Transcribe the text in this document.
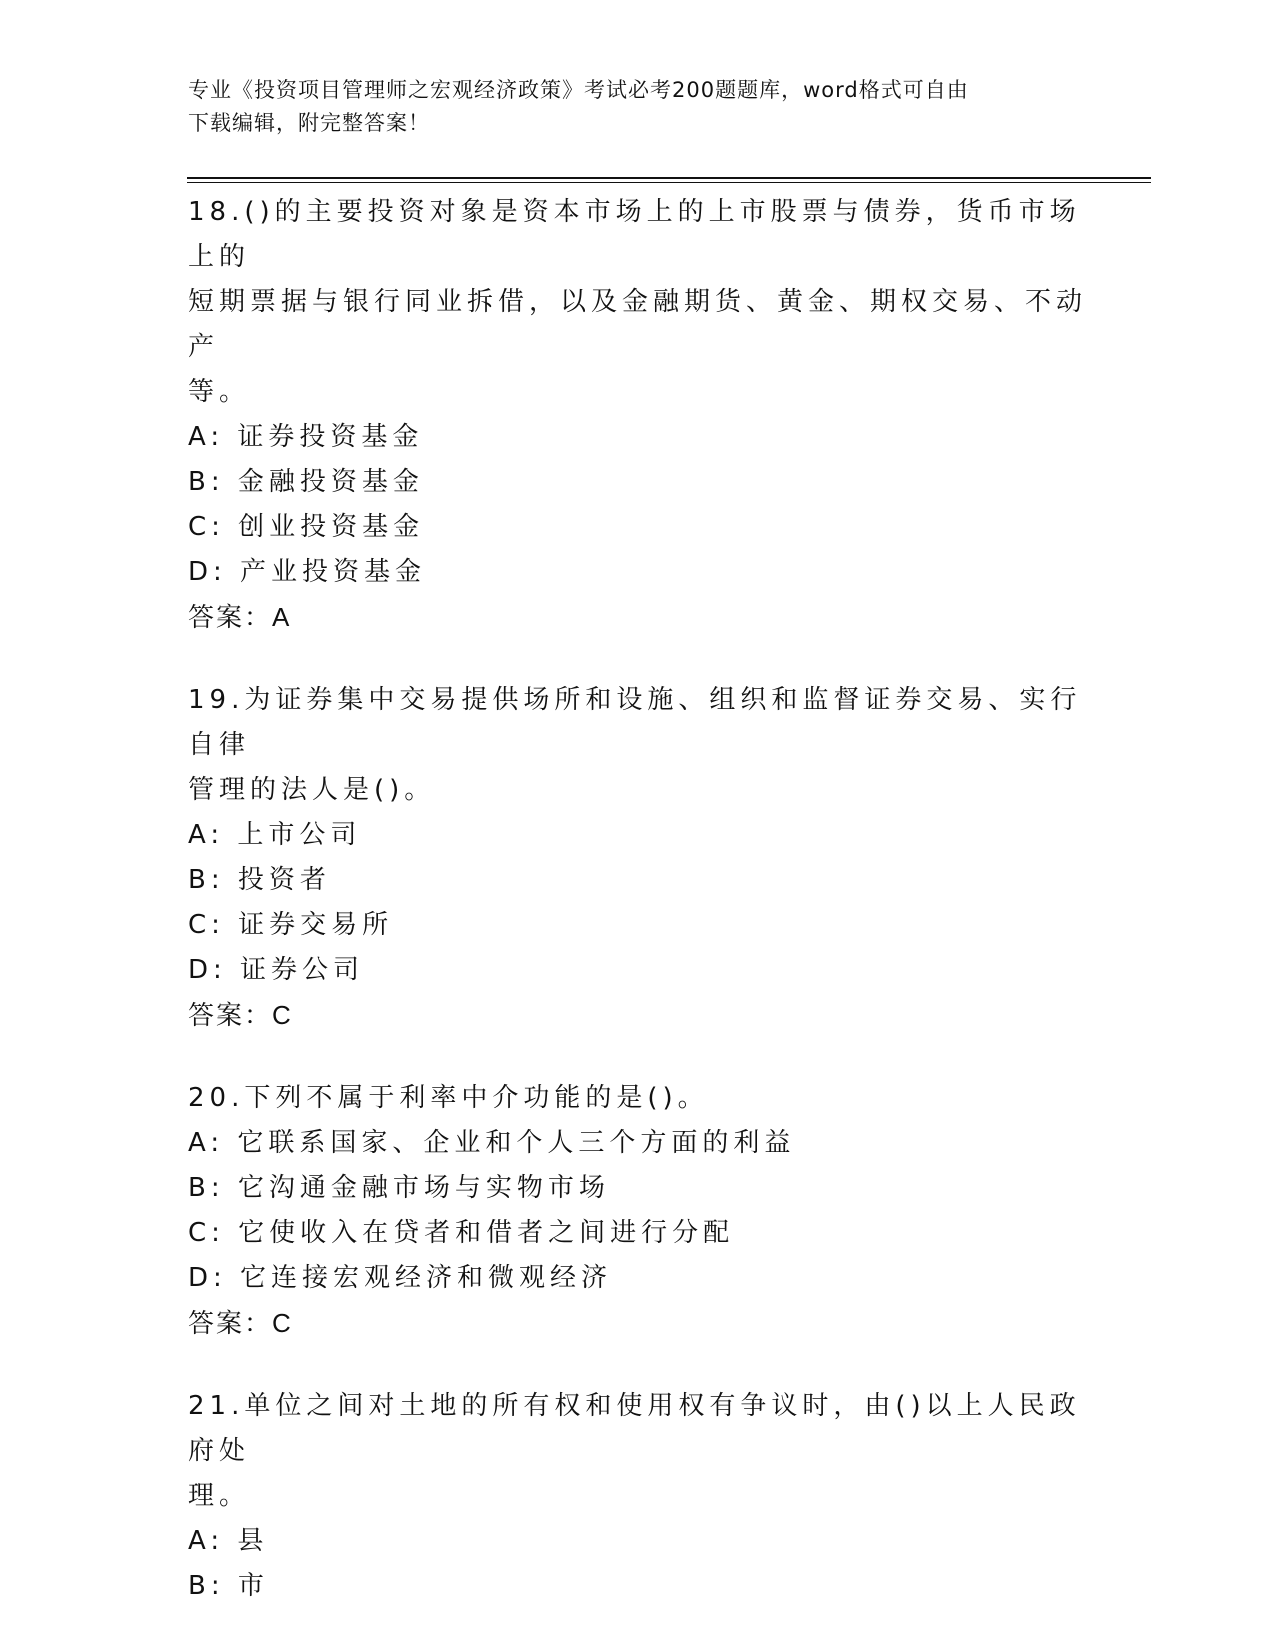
专业《投资项目管理师之宏观经济政策》考试必考200题题库，word格式可自由
下载编辑，附完整答案！
18.()的主要投资对象是资本市场上的上市股票与债券，货币市场上的
短期票据与银行同业拆借，以及金融期货、黄金、期权交易、不动产
等。
A: 证券投资基金
B: 金融投资基金
C: 创业投资基金
D: 产业投资基金
答案：A
19.为证券集中交易提供场所和设施、组织和监督证券交易、实行自律
管理的法人是()。
A: 上市公司
B: 投资者
C: 证券交易所
D: 证券公司
答案：C
20.下列不属于利率中介功能的是()。
A: 它联系国家、企业和个人三个方面的利益
B: 它沟通金融市场与实物市场
C: 它使收入在贷者和借者之间进行分配
D: 它连接宏观经济和微观经济
答案：C
21.单位之间对土地的所有权和使用权有争议时，由()以上人民政府处
理。
A: 县
B: 市
